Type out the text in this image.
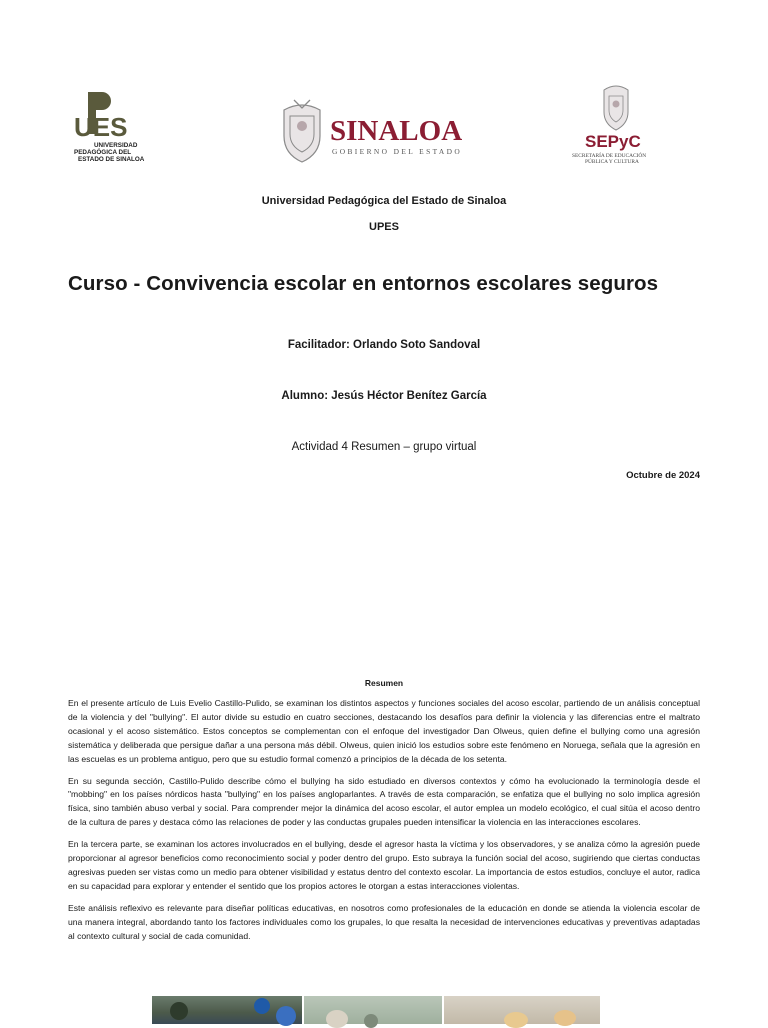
UES
UNIVERSIDAD
PEDAGÓGICA DEL
ESTADO DE SINALOA
SINALOA
GOBIERNO DEL ESTADO
SEPyC
SECRETARÍA DE EDUCACIÓN
PÚBLICA Y CULTURA
Universidad Pedagógica del Estado de Sinaloa
UPES
Curso - Convivencia escolar en entornos escolares seguros
Facilitador: Orlando Soto Sandoval
Alumno: Jesús Héctor Benítez García
Actividad 4 Resumen – grupo virtual
Octubre de 2024
Resumen

En el presente artículo de Luis Evelio Castillo-Pulido, se examinan los distintos aspectos y funciones sociales del acoso escolar, partiendo de un análisis conceptual de la violencia y del "bullying". El autor divide su estudio en cuatro secciones, destacando los desafíos para definir la violencia y las diferencias entre el maltrato ocasional y el acoso sistemático. Estos conceptos se complementan con el enfoque del investigador Dan Olweus, quien define el bullying como una agresión sistemática y deliberada que persigue dañar a una persona más débil. Olweus, quien inició los estudios sobre este fenómeno en Noruega, señala que la agresión en las escuelas es un problema antiguo, pero que su estudio formal comenzó a principios de la década de los setenta.

En su segunda sección, Castillo-Pulido describe cómo el bullying ha sido estudiado en diversos contextos y cómo ha evolucionado la terminología desde el "mobbing" en los países nórdicos hasta "bullying" en los países angloparlantes. A través de esta comparación, se enfatiza que el bullying no solo implica agresión física, sino también abuso verbal y social. Para comprender mejor la dinámica del acoso escolar, el autor emplea un modelo ecológico, el cual sitúa el acoso dentro de la cultura de pares y destaca cómo las relaciones de poder y las conductas grupales pueden intensificar la violencia en las interacciones escolares.

En la tercera parte, se examinan los actores involucrados en el bullying, desde el agresor hasta la víctima y los observadores, y se analiza cómo la agresión puede proporcionar al agresor beneficios como reconocimiento social y poder dentro del grupo. Esto subraya la función social del acoso, sugiriendo que ciertas conductas agresivas pueden ser vistas como un medio para obtener visibilidad y estatus dentro del contexto escolar. La importancia de estos estudios, concluye el autor, radica en su capacidad para explorar y entender el sentido que los propios actores le otorgan a estas interacciones violentas.

Este análisis reflexivo es relevante para diseñar políticas educativas, en nosotros como profesionales de la educación en donde se atienda la violencia escolar de una manera integral, abordando tanto los factores individuales como los grupales, lo que resalta la necesidad de intervenciones educativas y preventivas adaptadas al contexto cultural y social de cada comunidad.
